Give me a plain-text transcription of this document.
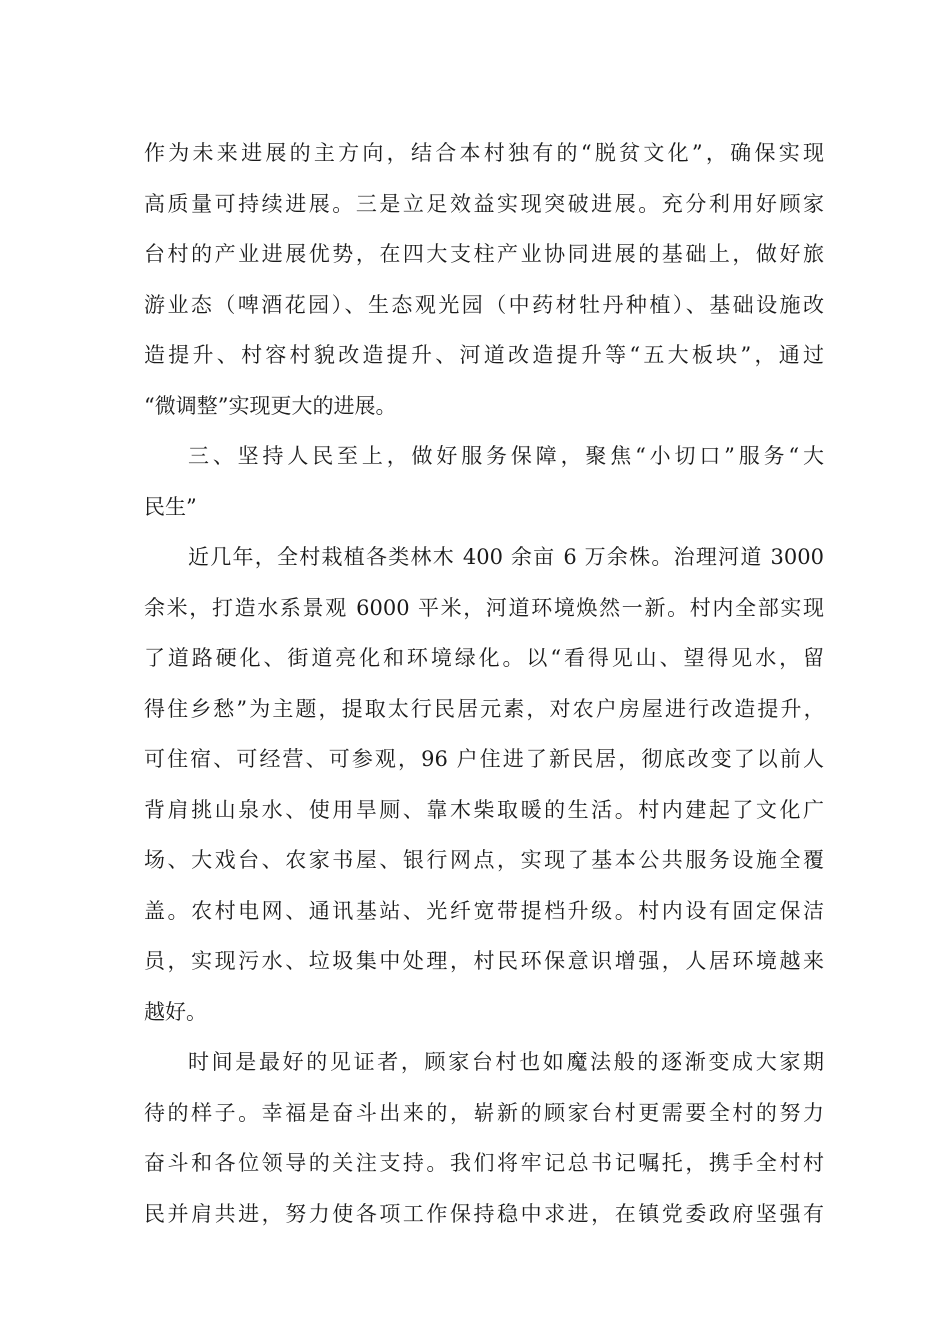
作为未来进展的主方向，结合本村独有的“脱贫文化”，确保实现
高质量可持续进展。三是立足效益实现突破进展。充分利用好顾家
台村的产业进展优势，在四大支柱产业协同进展的基础上，做好旅
游业态（啤酒花园）、生态观光园（中药材牡丹种植）、基础设施改
造提升、村容村貌改造提升、河道改造提升等“五大板块”，通过
“微调整”实现更大的进展。
三、坚持人民至上，做好服务保障，聚焦“小切口”服务“大
民生”
近几年，全村栽植各类林木 400 余亩 6 万余株。治理河道 3000
余米，打造水系景观 6000 平米，河道环境焕然一新。村内全部实现
了道路硬化、街道亮化和环境绿化。以“看得见山、望得见水，留
得住乡愁”为主题，提取太行民居元素，对农户房屋进行改造提升，
可住宿、可经营、可参观，96 户住进了新民居，彻底改变了以前人
背肩挑山泉水、使用旱厕、靠木柴取暖的生活。村内建起了文化广
场、大戏台、农家书屋、银行网点，实现了基本公共服务设施全覆
盖。农村电网、通讯基站、光纤宽带提档升级。村内设有固定保洁
员，实现污水、垃圾集中处理，村民环保意识增强，人居环境越来
越好。
时间是最好的见证者，顾家台村也如魔法般的逐渐变成大家期
待的样子。幸福是奋斗出来的，崭新的顾家台村更需要全村的努力
奋斗和各位领导的关注支持。我们将牢记总书记嘱托，携手全村村
民并肩共进，努力使各项工作保持稳中求进，在镇党委政府坚强有
